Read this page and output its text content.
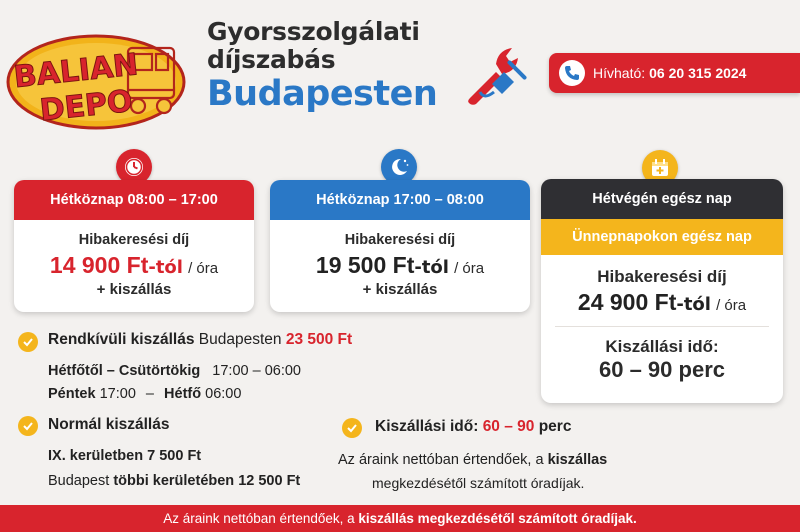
BALIAN
DEPO
Gyorsszolgálati
díjszabás
Budapesten
Hívható: 06 20 315 2024
Hétköznap 08:00 – 17:00
Hibakeresési díj
14 900 Ft-tól / óra
+ kiszállás
Hétköznap 17:00 – 08:00
Hibakeresési díj
19 500 Ft-tól / óra
+ kiszállás
Hétvégén egész nap
Ünnepnapokon egész nap
Hibakeresési díj
24 900 Ft-tól / óra
Kiszállási idő:
60 – 90 perc
Rendkívüli kiszállás Budapesten 23 500 Ft
Hétfőtől – Csütörtökig 17:00 – 06:00
Péntek 17:00 – Hétfő 06:00
Normál kiszállás
IX. kerületben 7 500 Ft
Budapest többi kerületében 12 500 Ft
Kiszállási idő: 60 – 90 perc
Az áraink nettóban értendőek, a kiszállas
megkezdésétől számított óradíjak.
Az áraink nettóban értendőek, a
kiszállás megkezdésétől számított óradíjak.
